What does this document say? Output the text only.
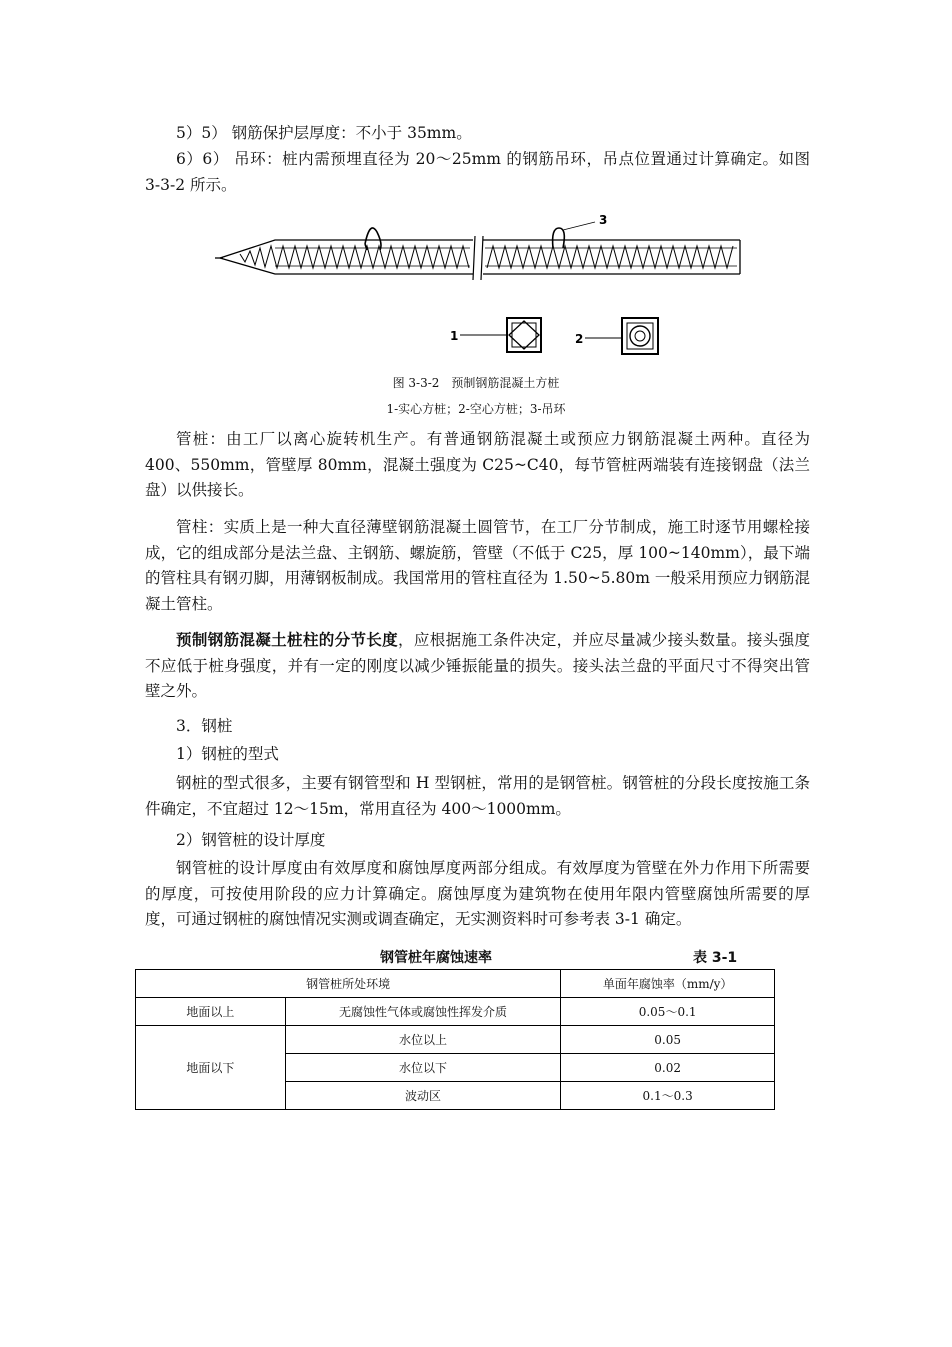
5）5） 钢筋保护层厚度：不小于 35mm。

6）6） 吊环：桩内需预埋直径为 20～25mm 的钢筋吊环，吊点位置通过计算确定。如图 3-3-2 所示。

3
1	2
图 3-3-2　预制钢筋混凝土方桩
1-实心方桩；2-空心方桩；3-吊环

管桩：由工厂以离心旋转机生产。有普通钢筋混凝土或预应力钢筋混凝土两种。直径为 400、550mm，管壁厚 80mm，混凝土强度为 C25~C40，每节管桩两端装有连接钢盘（法兰盘）以供接长。

管柱：实质上是一种大直径薄壁钢筋混凝土圆管节，在工厂分节制成，施工时逐节用螺栓接成，它的组成部分是法兰盘、主钢筋、螺旋筋，管壁（不低于 C25，厚 100~140mm），最下端的管柱具有钢刃脚，用薄钢板制成。我国常用的管柱直径为 1.50~5.80m 一般采用预应力钢筋混凝土管柱。

预制钢筋混凝土桩柱的分节长度，应根据施工条件决定，并应尽量减少接头数量。接头强度不应低于桩身强度，并有一定的刚度以减少锤振能量的损失。接头法兰盘的平面尺寸不得突出管壁之外。

3．钢桩

1）钢桩的型式

钢桩的型式很多，主要有钢管型和 H 型钢桩，常用的是钢管桩。钢管桩的分段长度按施工条件确定，不宜超过 12～15m，常用直径为 400～1000mm。

2）钢管桩的设计厚度

钢管桩的设计厚度由有效厚度和腐蚀厚度两部分组成。有效厚度为管壁在外力作用下所需要的厚度，可按使用阶段的应力计算确定。腐蚀厚度为建筑物在使用年限内管壁腐蚀所需要的厚度，可通过钢桩的腐蚀情况实测或调查确定，无实测资料时可参考表 3-1 确定。

钢管桩年腐蚀速率	表 3-1
钢管桩所处环境		单面年腐蚀率（mm/y）
地面以上	无腐蚀性气体或腐蚀性挥发介质	0.05～0.1
地面以下	水位以上	0.05
	水位以下	0.02
	波动区	0.1～0.3
